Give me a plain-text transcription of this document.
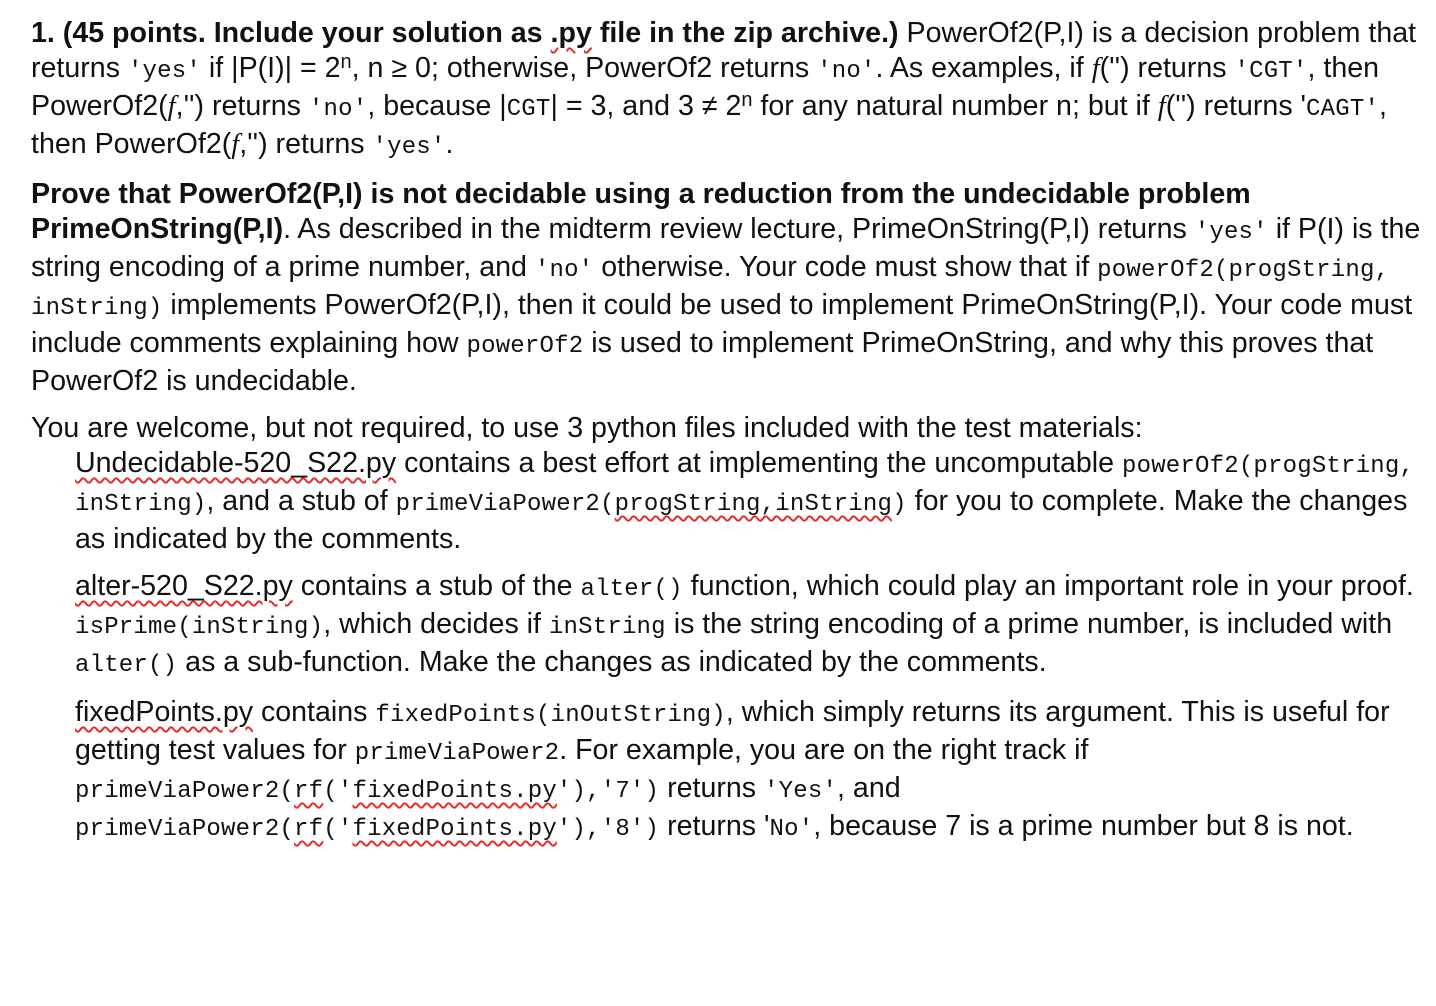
1. (45 points. Include your solution as .py file in the zip archive.) PowerOf2(P,I) is a decision problem that returns 'yes' if $|P(I)| = 2^n$, n ≥ 0; otherwise, PowerOf2 returns 'no'. As examples, if f('') returns 'CGT', then PowerOf2(f,'') returns 'no', because |CGT| = 3, and $3 \ne 2^n$ for any natural number n; but if f('') returns 'CAGT', then PowerOf2(f,'') returns 'yes'.

Prove that PowerOf2(P,I) is not decidable using a reduction from the undecidable problem PrimeOnString(P,I). As described in the midterm review lecture, PrimeOnString(P,I) returns 'yes' if P(I) is the string encoding of a prime number, and 'no' otherwise. Your code must show that if powerOf2(progString, inString) implements PowerOf2(P,I), then it could be used to implement PrimeOnString(P,I). Your code must include comments explaining how powerOf2 is used to implement PrimeOnString, and why this proves that PowerOf2 is undecidable.

You are welcome, but not required, to use 3 python files included with the test materials:

Undecidable-520_S22.py contains a best effort at implementing the uncomputable powerOf2(progString, inString), and a stub of primeViaPower2(progString,inString) for you to complete. Make the changes as indicated by the comments.

alter-520_S22.py contains a stub of the alter() function, which could play an important role in your proof. isPrime(inString), which decides if inString is the string encoding of a prime number, is included with alter() as a sub-function. Make the changes as indicated by the comments.

fixedPoints.py contains fixedPoints(inOutString), which simply returns its argument. This is useful for getting test values for primeViaPower2. For example, you are on the right track if primeViaPower2(rf('fixedPoints.py'),'7') returns 'Yes', and primeViaPower2(rf('fixedPoints.py'),'8') returns 'No', because 7 is a prime number but 8 is not.
